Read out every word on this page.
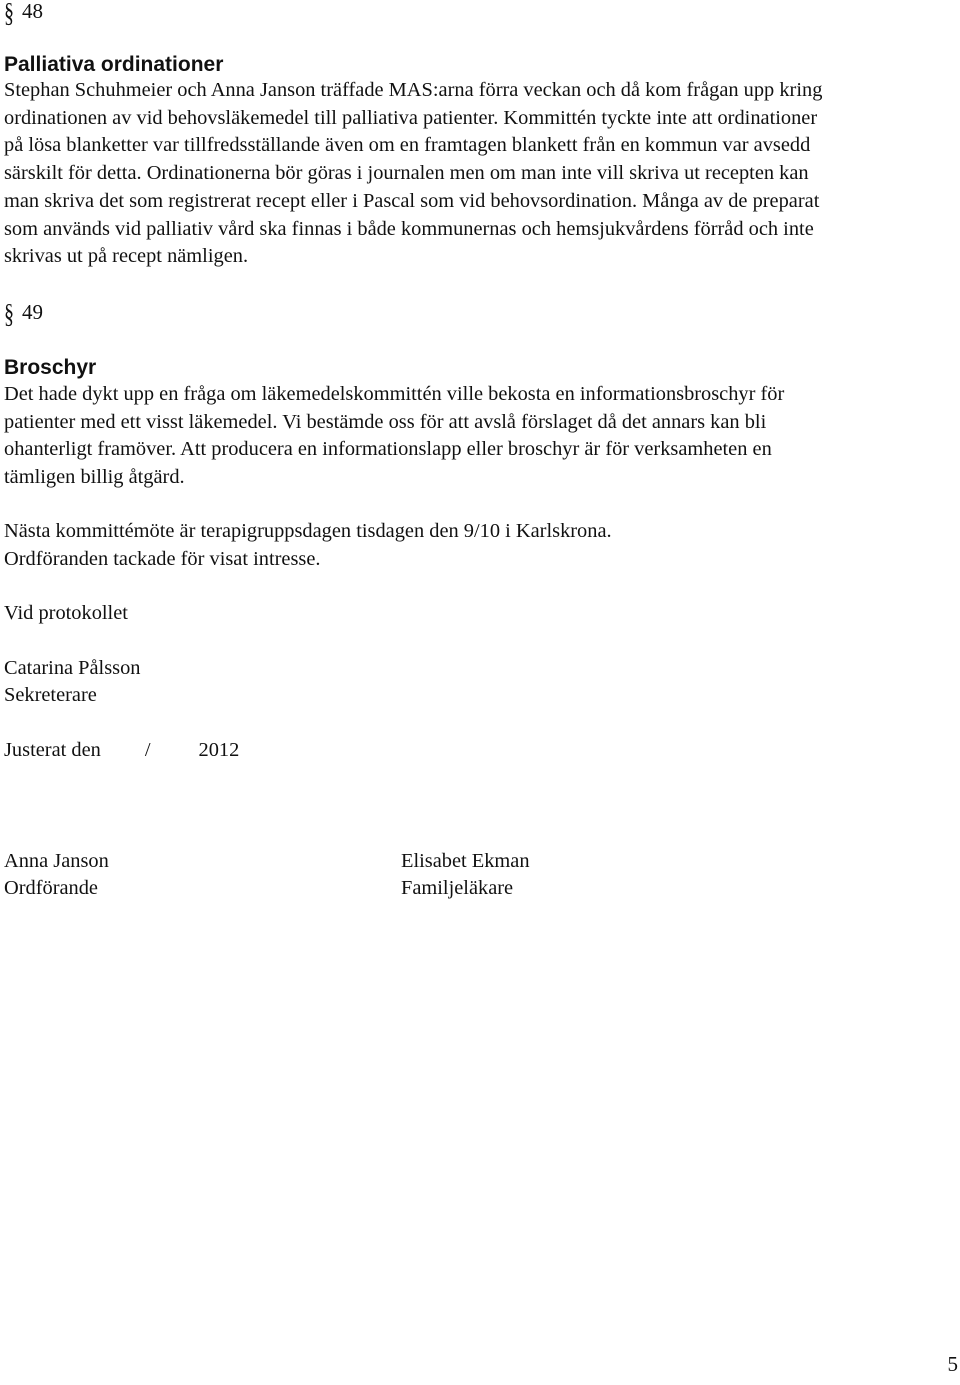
§ 48
Palliativa ordinationer
Stephan Schuhmeier och Anna Janson träffade MAS:arna förra veckan och då kom frågan upp kring
ordinationen av vid behovsläkemedel till palliativa patienter. Kommittén tyckte inte att ordinationer
på lösa blanketter var tillfredsställande även om en framtagen blankett från en kommun var avsedd
särskilt för detta. Ordinationerna bör göras i journalen men om man inte vill skriva ut recepten kan
man skriva det som registrerat recept eller i Pascal som vid behovsordination. Många av de preparat
som används vid palliativ vård ska finnas i både kommunernas och hemsjukvårdens förråd och inte
skrivas ut på recept nämligen.
§ 49
Broschyr
Det hade dykt upp en fråga om läkemedelskommittén ville bekosta en informationsbroschyr för
patienter med ett visst läkemedel. Vi bestämde oss för att avslå förslaget då det annars kan bli
ohanterligt framöver. Att producera en informationslapp eller broschyr är för verksamheten en
tämligen billig åtgärd.
Nästa kommittémöte är terapigruppsdagen tisdagen den 9/10 i Karlskrona.
Ordföranden tackade för visat intresse.
Vid protokollet
Catarina Pålsson
Sekreterare
Justerat den / 2012
Anna Janson
Ordförande
Elisabet Ekman
Familjeläkare
5
